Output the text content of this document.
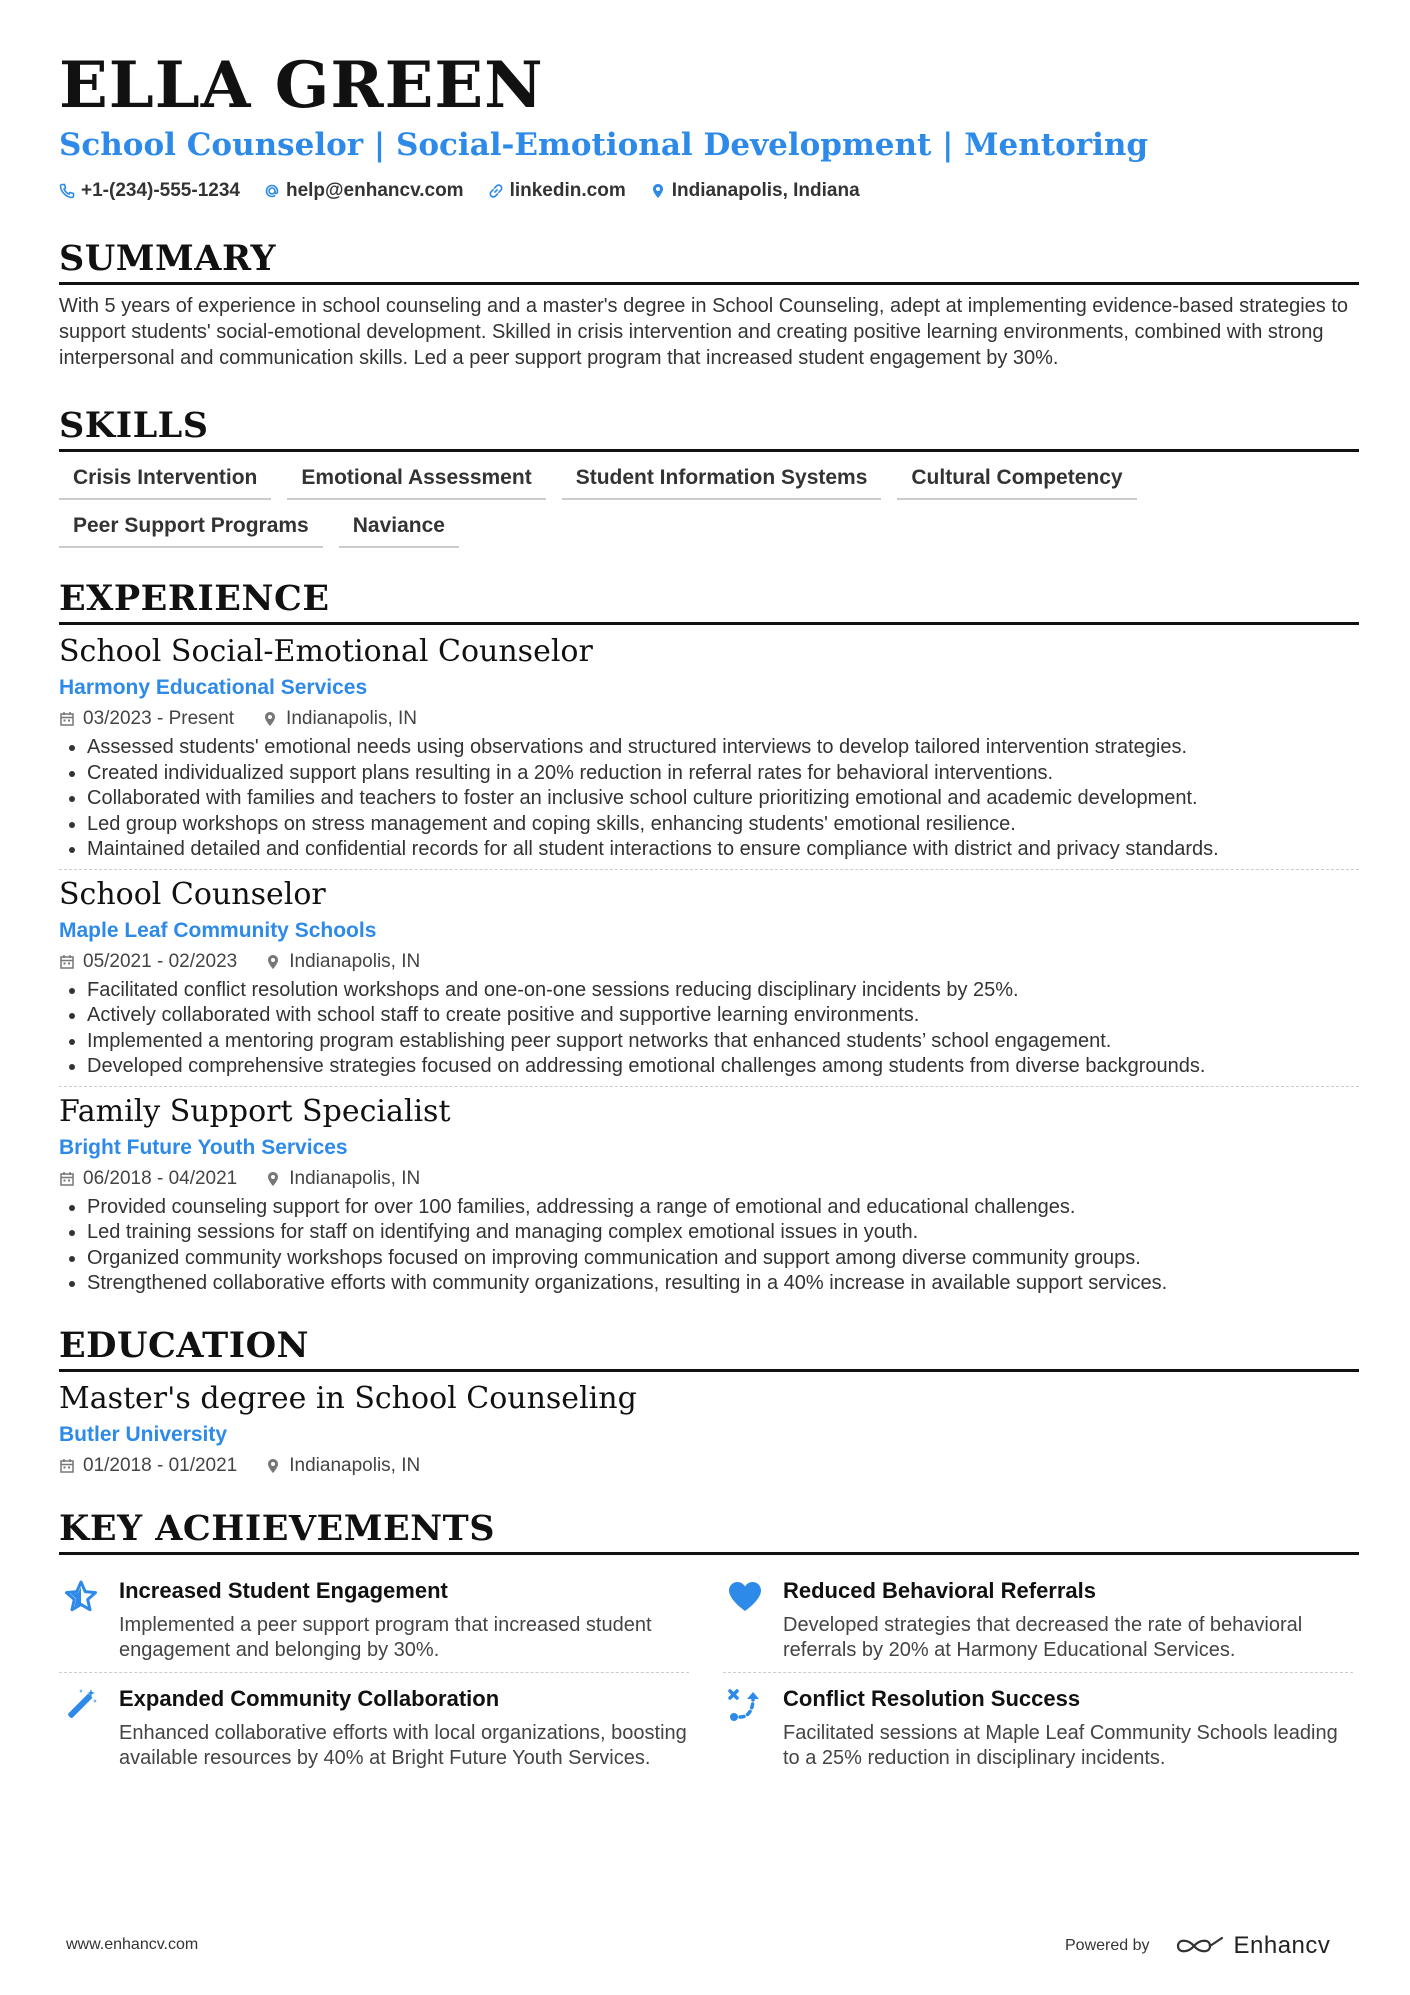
ELLA GREEN
School Counselor | Social-Emotional Development | Mentoring
+1-(234)-555-1234 help@enhancv.com linkedin.com Indianapolis, Indiana
SUMMARY
With 5 years of experience in school counseling and a master's degree in School Counseling, adept at implementing evidence-based strategies to support students' social-emotional development. Skilled in crisis intervention and creating positive learning environments, combined with strong interpersonal and communication skills. Led a peer support program that increased student engagement by 30%.
SKILLS
Crisis Intervention	Emotional Assessment	Student Information Systems	Cultural Competency
Peer Support Programs	Naviance
EXPERIENCE
School Social-Emotional Counselor
Harmony Educational Services
03/2023 - Present	Indianapolis, IN
• Assessed students' emotional needs using observations and structured interviews to develop tailored intervention strategies.
• Created individualized support plans resulting in a 20% reduction in referral rates for behavioral interventions.
• Collaborated with families and teachers to foster an inclusive school culture prioritizing emotional and academic development.
• Led group workshops on stress management and coping skills, enhancing students' emotional resilience.
• Maintained detailed and confidential records for all student interactions to ensure compliance with district and privacy standards.
School Counselor
Maple Leaf Community Schools
05/2021 - 02/2023	Indianapolis, IN
• Facilitated conflict resolution workshops and one-on-one sessions reducing disciplinary incidents by 25%.
• Actively collaborated with school staff to create positive and supportive learning environments.
• Implemented a mentoring program establishing peer support networks that enhanced students’ school engagement.
• Developed comprehensive strategies focused on addressing emotional challenges among students from diverse backgrounds.
Family Support Specialist
Bright Future Youth Services
06/2018 - 04/2021	Indianapolis, IN
• Provided counseling support for over 100 families, addressing a range of emotional and educational challenges.
• Led training sessions for staff on identifying and managing complex emotional issues in youth.
• Organized community workshops focused on improving communication and support among diverse community groups.
• Strengthened collaborative efforts with community organizations, resulting in a 40% increase in available support services.
EDUCATION
Master's degree in School Counseling
Butler University
01/2018 - 01/2021	Indianapolis, IN
KEY ACHIEVEMENTS
Increased Student Engagement
Implemented a peer support program that increased student engagement and belonging by 30%.
Reduced Behavioral Referrals
Developed strategies that decreased the rate of behavioral referrals by 20% at Harmony Educational Services.
Expanded Community Collaboration
Enhanced collaborative efforts with local organizations, boosting available resources by 40% at Bright Future Youth Services.
Conflict Resolution Success
Facilitated sessions at Maple Leaf Community Schools leading to a 25% reduction in disciplinary incidents.
www.enhancv.com	Powered by	Enhancv
